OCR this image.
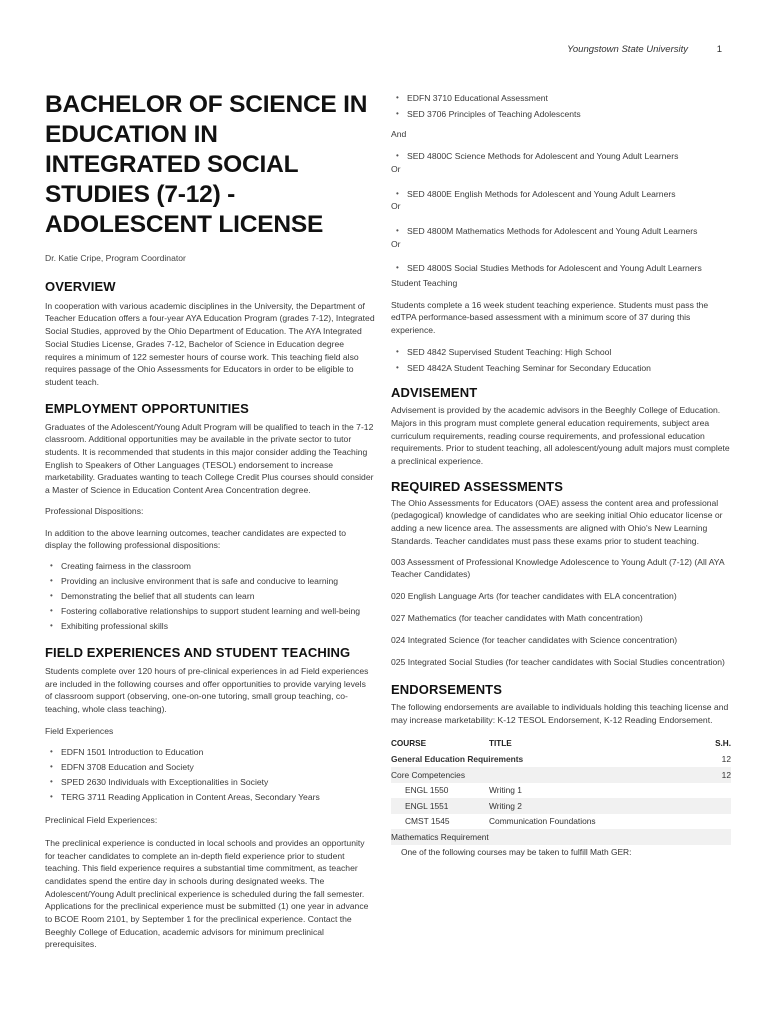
Youngstown State University	1
BACHELOR OF SCIENCE IN EDUCATION IN INTEGRATED SOCIAL STUDIES (7-12) - ADOLESCENT LICENSE

Dr. Katie Cripe, Program Coordinator

OVERVIEW

In cooperation with various academic disciplines in the University, the Department of Teacher Education offers a four-year AYA Education Program (grades 7-12), Integrated Social Studies, approved by the Ohio Department of Education. The AYA Integrated Social Studies License, Grades 7-12, Bachelor of Science in Education degree requires a minimum of 122 semester hours of course work. This teaching field also requires passage of the Ohio Assessments for Educators in order to be eligible to student teach.

EMPLOYMENT OPPORTUNITIES

Graduates of the Adolescent/Young Adult Program will be qualified to teach in the 7-12 classroom. Additional opportunities may be available in the private sector to tutor students. It is recommended that students in this major consider adding the Teaching English to Speakers of Other Languages (TESOL) endorsement to increase marketability. Graduates wanting to teach College Credit Plus courses should consider a Master of Science in Education Content Area Concentration degree.

Professional Dispositions:

In addition to the above learning outcomes, teacher candidates are expected to display the following professional dispositions:

• Creating fairness in the classroom
• Providing an inclusive environment that is safe and conducive to learning
• Demonstrating the belief that all students can learn
• Fostering collaborative relationships to support student learning and well-being
• Exhibiting professional skills
FIELD EXPERIENCES AND STUDENT TEACHING

Students complete over 120 hours of pre-clinical experiences in ad Field experiences are included in the following courses and offer opportunities to provide varying levels of classroom support (observing, one-on-one tutoring, small group teaching, co-teaching, whole class teaching).

Field Experiences

• EDFN 1501 Introduction to Education
• EDFN 3708 Education and Society
• SPED 2630 Individuals with Exceptionalities in Society
• TERG 3711 Reading Application in Content Areas, Secondary Years

Preclinical Field Experiences:

The preclinical experience is conducted in local schools and provides an opportunity for teacher candidates to complete an in-depth field experience prior to student teaching. This field experience requires a substantial time commitment, as teacher candidates spend the entire day in schools during designated weeks. The Adolescent/Young Adult preclinical experience is scheduled during the fall semester. Applications for the preclinical experience must be submitted (1) one year in advance to BCOE Room 2101, by September 1 for the preclinical experience. Contact the Beeghly College of Education, academic advisors for minimum preclinical prerequisites.

• EDFN 3710 Educational Assessment
• SED 3706 Principles of Teaching Adolescents

And

• SED 4800C Science Methods for Adolescent and Young Adult Learners

Or

• SED 4800E English Methods for Adolescent and Young Adult Learners

Or

• SED 4800M Mathematics Methods for Adolescent and Young Adult Learners

Or

• SED 4800S Social Studies Methods for Adolescent and Young Adult Learners

Student Teaching

Students complete a 16 week student teaching experience. Students must pass the edTPA performance-based assessment with a minimum score of 37 during this experience.

• SED 4842 Supervised Student Teaching: High School
• SED 4842A Student Teaching Seminar for Secondary Education
ADVISEMENT

Advisement is provided by the academic advisors in the Beeghly College of Education. Majors in this program must complete general education requirements, subject area curriculum requirements, reading course requirements, and professional education requirements. Prior to student teaching, all adolescent/young adult majors must complete a preclinical experience.

REQUIRED ASSESSMENTS

The Ohio Assessments for Educators (OAE) assess the content area and professional (pedagogical) knowledge of candidates who are seeking initial Ohio educator license or adding a new licence area. The assessments are aligned with Ohio's New Learning Standards. Teacher candidates must pass these exams prior to student teaching.

003 Assessment of Professional Knowledge Adolescence to Young Adult (7-12) (All AYA Teacher Candidates)

020 English Language Arts (for teacher candidates with ELA concentration)

027 Mathematics (for teacher candidates with Math concentration)

024 Integrated Science (for teacher candidates with Science concentration)

025 Integrated Social Studies (for teacher candidates with Social Studies concentration)

ENDORSEMENTS

The following endorsements are available to individuals holding this teaching license and may increase marketability: K-12 TESOL Endorsement, K-12 Reading Endorsement.

COURSE	TITLE	S.H.
General Education Requirements		12
Core Competencies		12
ENGL 1550	Writing 1	
ENGL 1551	Writing 2	
CMST 1545	Communication Foundations	
Mathematics Requirement		
One of the following courses may be taken to fulfill Math GER:		
